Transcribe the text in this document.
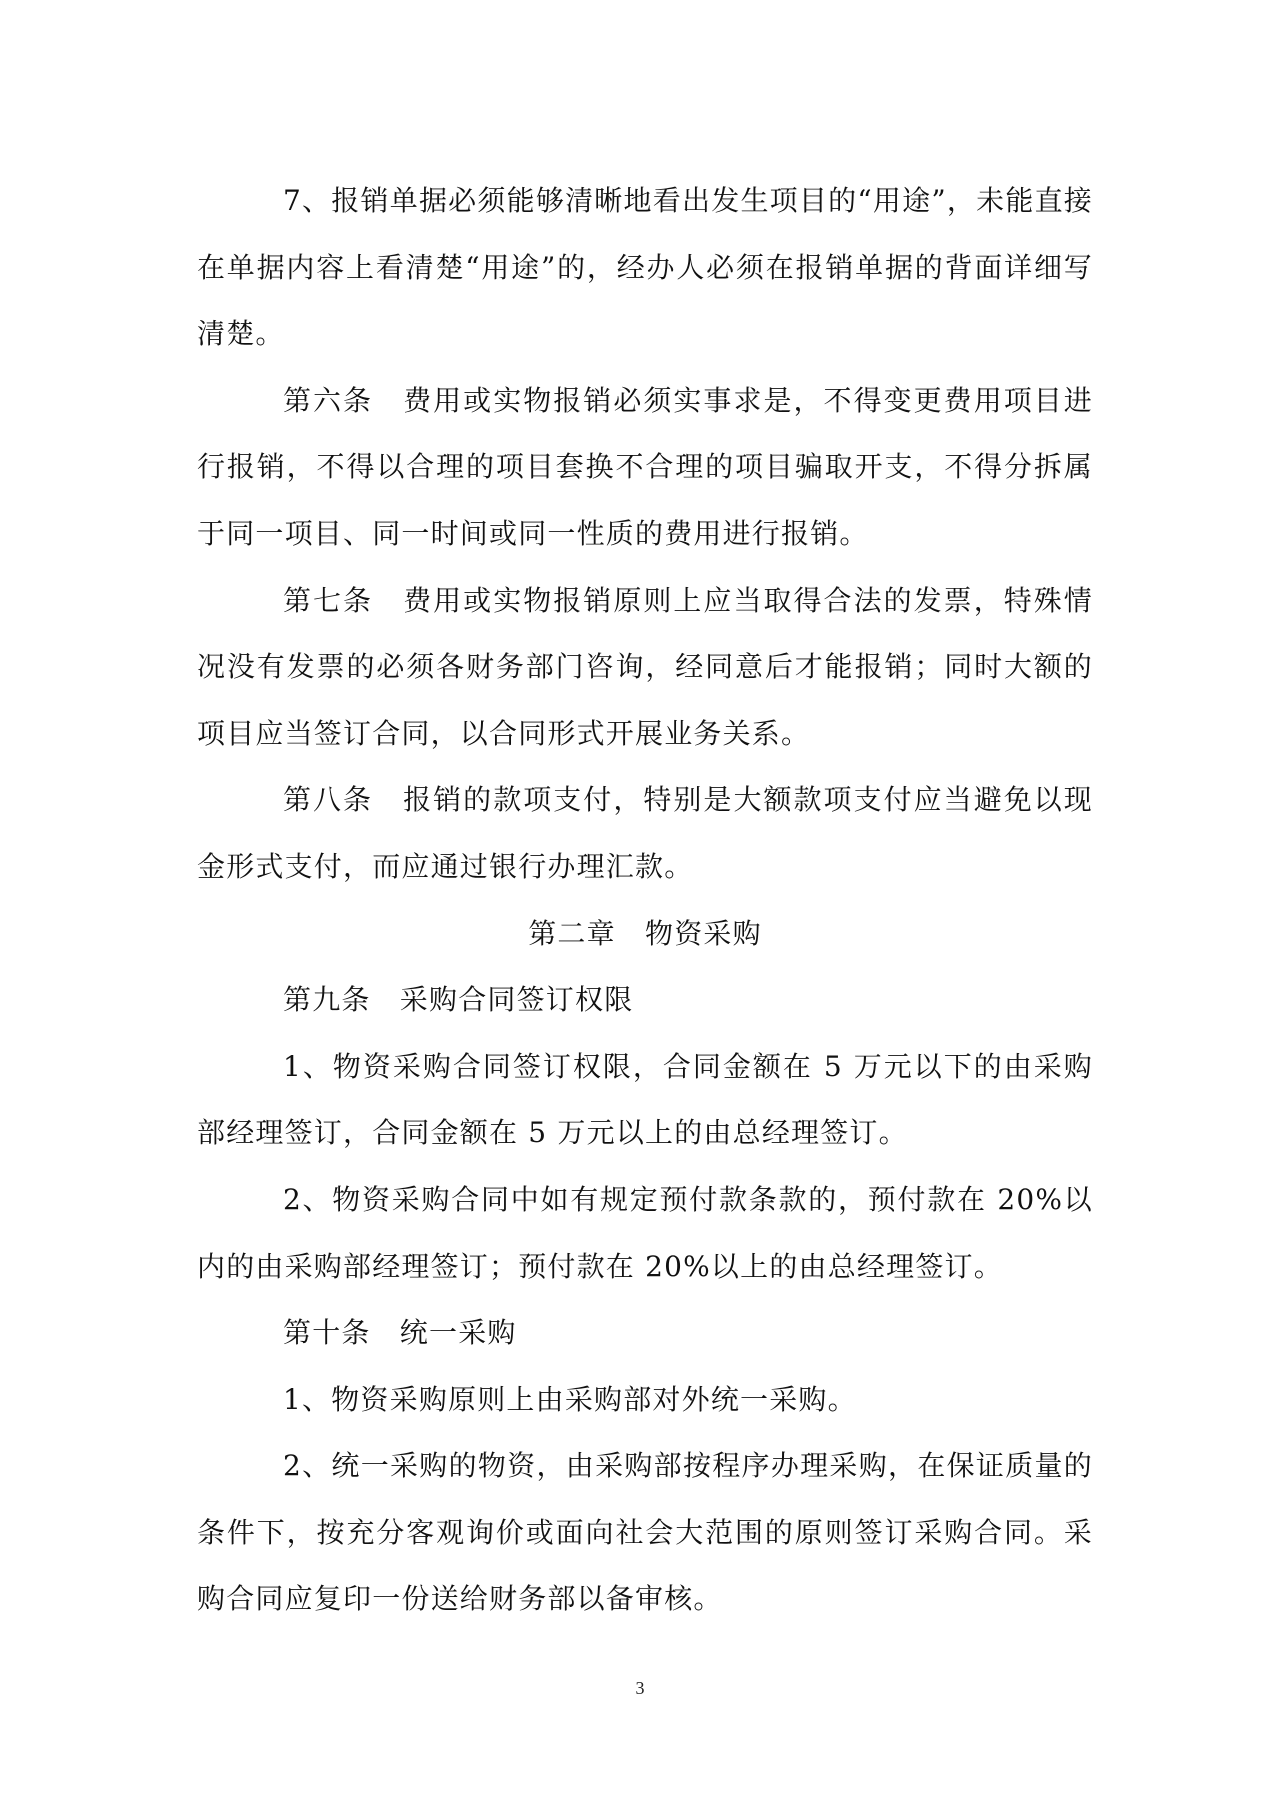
7、报销单据必须能够清晰地看出发生项目的“用途”，未能直接在单据内容上看清楚“用途”的，经办人必须在报销单据的背面详细写清楚。

第六条　费用或实物报销必须实事求是，不得变更费用项目进行报销，不得以合理的项目套换不合理的项目骗取开支，不得分拆属于同一项目、同一时间或同一性质的费用进行报销。

第七条　费用或实物报销原则上应当取得合法的发票，特殊情况没有发票的必须各财务部门咨询，经同意后才能报销；同时大额的项目应当签订合同，以合同形式开展业务关系。

第八条　报销的款项支付，特别是大额款项支付应当避免以现金形式支付，而应通过银行办理汇款。

第二章　物资采购

第九条　采购合同签订权限

1、物资采购合同签订权限，合同金额在 5 万元以下的由采购部经理签订，合同金额在 5 万元以上的由总经理签订。

2、物资采购合同中如有规定预付款条款的，预付款在 20%以内的由采购部经理签订；预付款在 20%以上的由总经理签订。

第十条　统一采购

1、物资采购原则上由采购部对外统一采购。

2、统一采购的物资，由采购部按程序办理采购，在保证质量的条件下，按充分客观询价或面向社会大范围的原则签订采购合同。采购合同应复印一份送给财务部以备审核。

3
